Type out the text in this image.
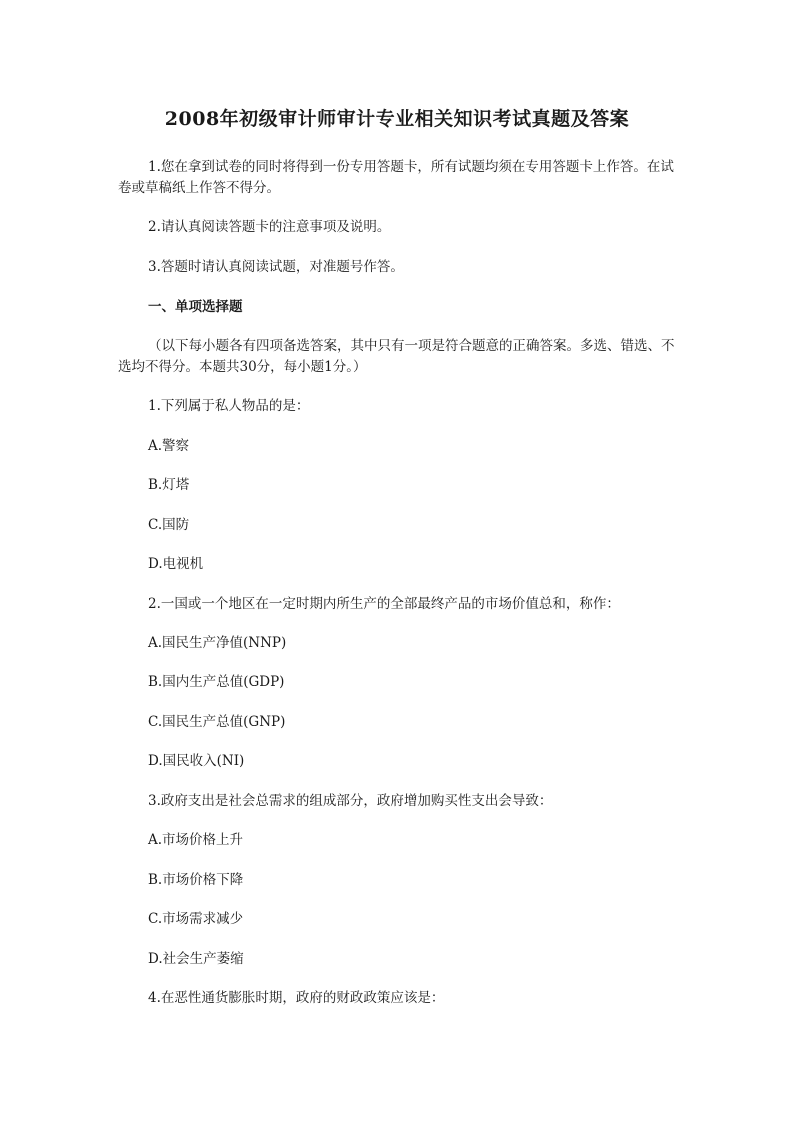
2008年初级审计师审计专业相关知识考试真题及答案
1.您在拿到试卷的同时将得到一份专用答题卡，所有试题均须在专用答题卡上作答。在试卷或草稿纸上作答不得分。
2.请认真阅读答题卡的注意事项及说明。
3.答题时请认真阅读试题，对准题号作答。
一、单项选择题
（以下每小题各有四项备选答案，其中只有一项是符合题意的正确答案。多选、错选、不选均不得分。本题共30分，每小题1分。）
1.下列属于私人物品的是：
A.警察
B.灯塔
C.国防
D.电视机
2.一国或一个地区在一定时期内所生产的全部最终产品的市场价值总和，称作：
A.国民生产净值(NNP)
B.国内生产总值(GDP)
C.国民生产总值(GNP)
D.国民收入(NI)
3.政府支出是社会总需求的组成部分，政府增加购买性支出会导致：
A.市场价格上升
B.市场价格下降
C.市场需求减少
D.社会生产萎缩
4.在恶性通货膨胀时期，政府的财政政策应该是：
